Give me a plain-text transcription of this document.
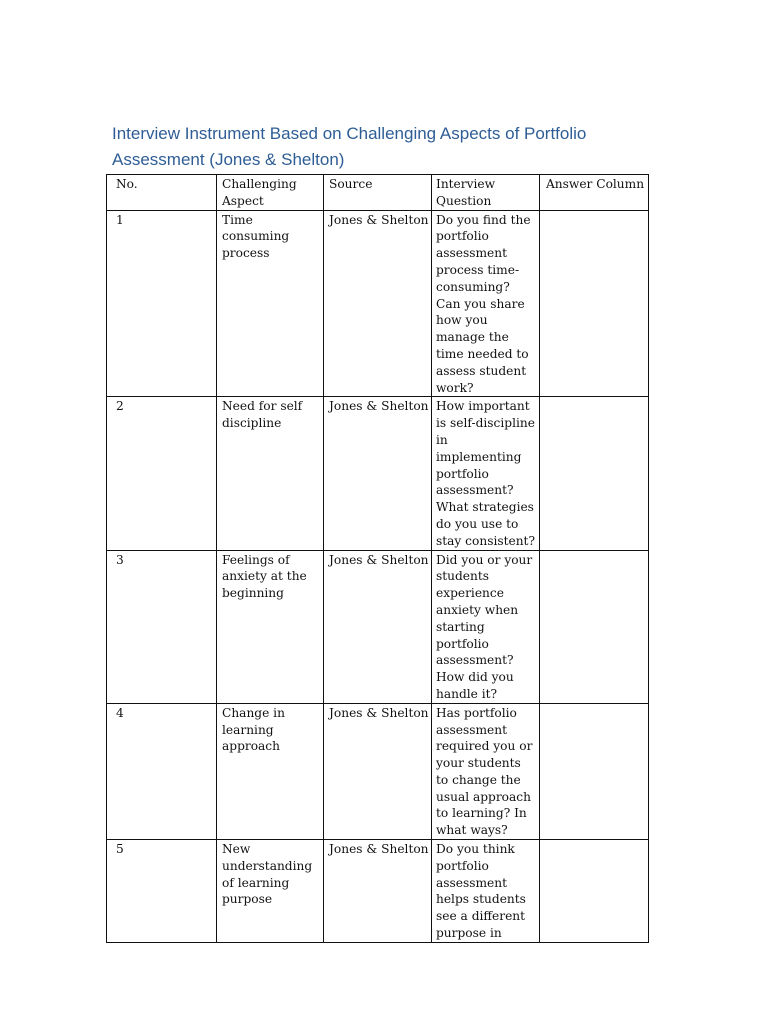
Interview Instrument Based on Challenging Aspects of Portfolio
Assessment (Jones & Shelton)
No.	Challenging Aspect	Source	Interview Question	Answer Column
1	Time consuming process	Jones & Shelton	Do you find the portfolio assessment process time-consuming? Can you share how you manage the time needed to assess student work?	
2	Need for self discipline	Jones & Shelton	How important is self-discipline in implementing portfolio assessment? What strategies do you use to stay consistent?	
3	Feelings of anxiety at the beginning	Jones & Shelton	Did you or your students experience anxiety when starting portfolio assessment? How did you handle it?	
4	Change in learning approach	Jones & Shelton	Has portfolio assessment required you or your students to change the usual approach to learning? In what ways?	
5	New understanding of learning purpose	Jones & Shelton	Do you think portfolio assessment helps students see a different purpose in	
